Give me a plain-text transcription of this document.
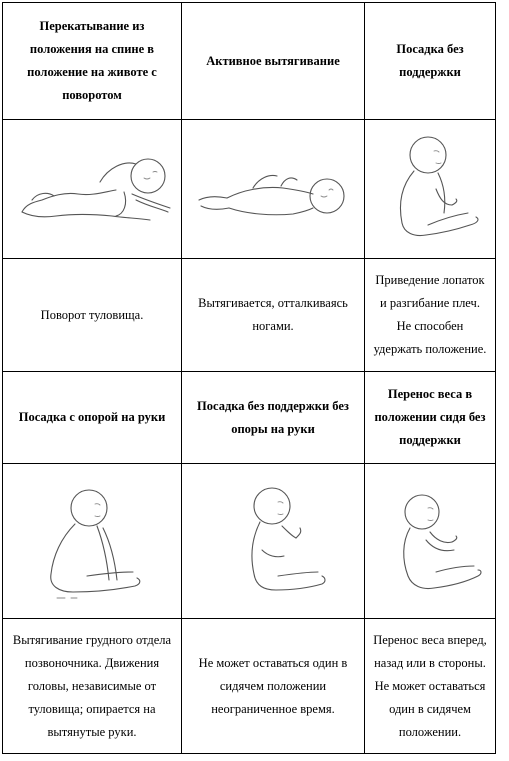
Перекатывание из положения на спине в положение на животе с поворотом	Активное вытягивание	Посадка без поддержки

Поворот туловища.	Вытягивается, отталкиваясь ногами.	Приведение лопаток и разгибание плеч. Не способен удержать положение.
Посадка с опорой на руки	Посадка без поддержки без опоры на руки	Перенос веса в положении сидя без поддержки

Вытягивание грудного отдела позвоночника. Движения головы, независимые от туловища; опирается на вытянутые руки.	Не может оставаться один в сидячем положении неограниченное время.	Перенос веса вперед, назад или в стороны. Не может оставаться один в сидячем положении.
